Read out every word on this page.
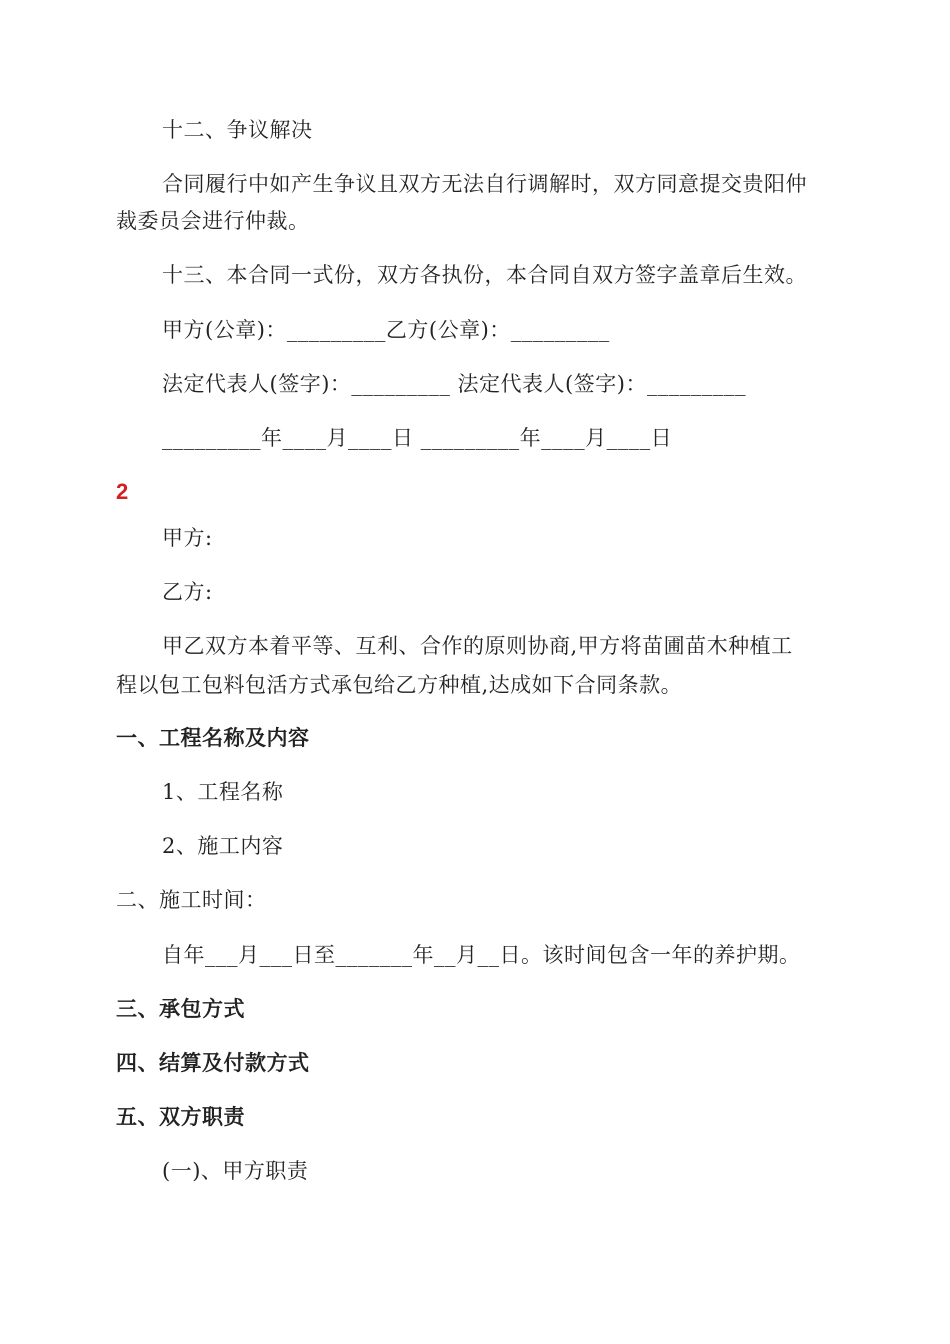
十二、争议解决
合同履行中如产生争议且双方无法自行调解时，双方同意提交贵阳仲
裁委员会进行仲裁。
十三、本合同一式份，双方各执份，本合同自双方签字盖章后生效。
甲方(公章)：_________乙方(公章)：_________
法定代表人(签字)：_________ 法定代表人(签字)：_________
_________年____月____日 _________年____月____日
2
甲方:
乙方:
甲乙双方本着平等、互利、合作的原则协商,甲方将苗圃苗木种植工
程以包工包料包活方式承包给乙方种植,达成如下合同条款。
一、工程名称及内容
1、工程名称
2、施工内容
二、施工时间：
自年___月___日至_______年__月__日。该时间包含一年的养护期。
三、承包方式
四、结算及付款方式
五、双方职责
(一)、甲方职责
